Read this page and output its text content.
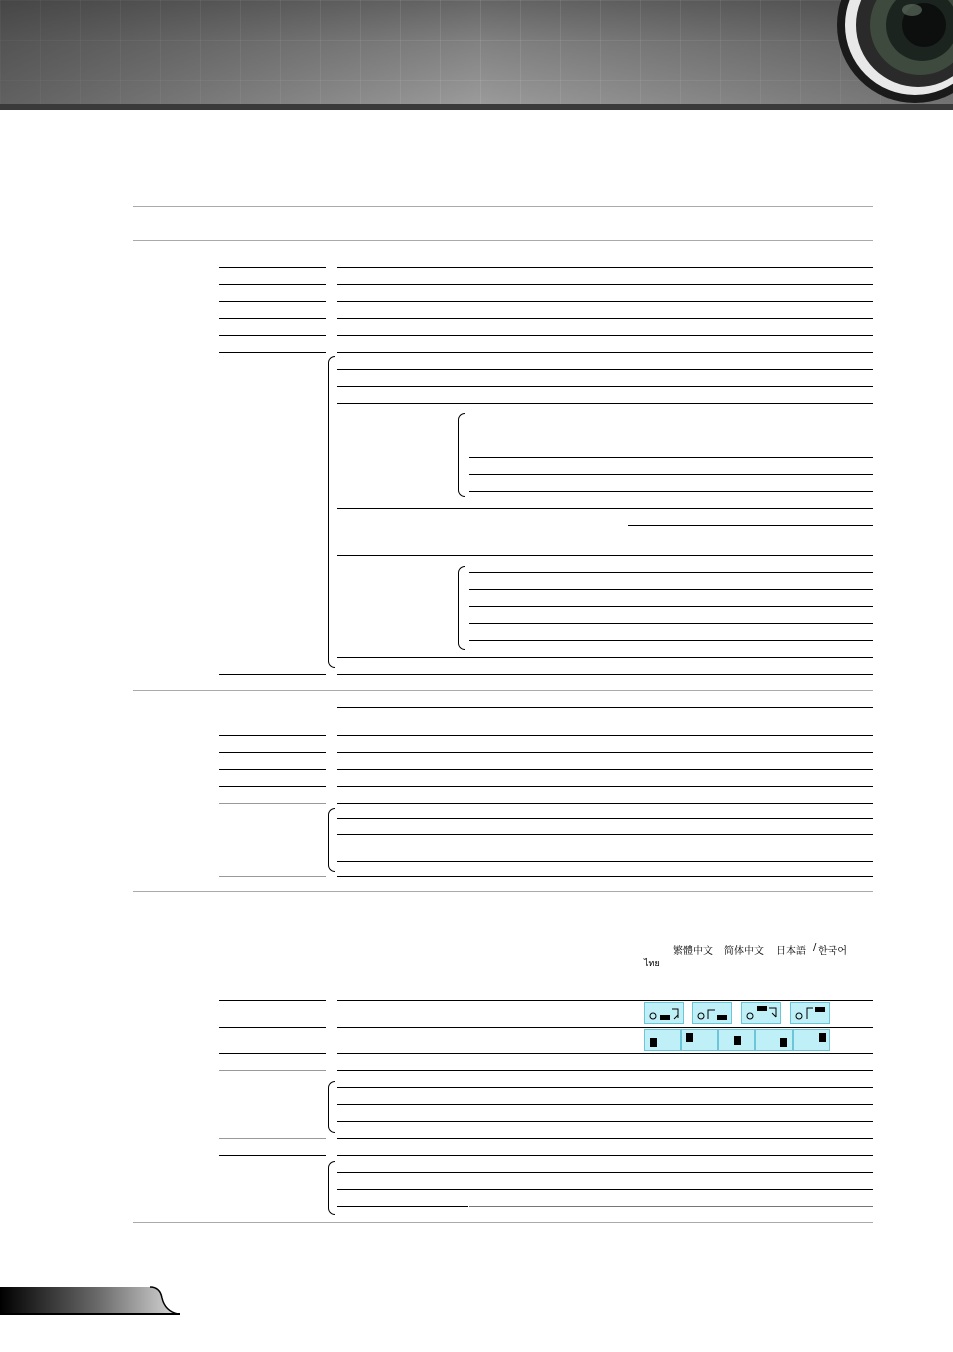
繁體中文 简体中文 日本語 / 한국어
ไทย
